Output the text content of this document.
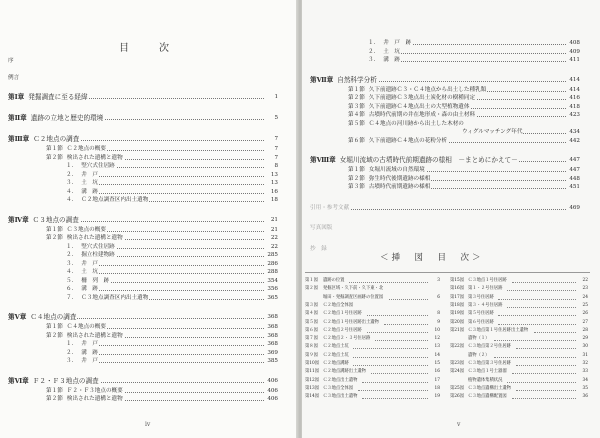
目　次
序
例言
第Ⅰ章 発掘調査に至る経緯	1
第Ⅱ章 遺跡の立地と歴史的環境	5
第Ⅲ章 Ｃ２地点の調査	7
第１節 Ｃ２地点の概要	7
第２節 検出された遺構と遺物	7
１． 竪穴式住居跡	8
２． 井　戸	13
３． 土　坑	13
４． 溝　跡	16
４． Ｃ２地点調査区内出土遺物	18
第Ⅳ章 Ｃ３地点の調査	21
第１節 Ｃ３地点の概要	21
第２節 検出された遺構と遺物	22
１． 竪穴式住居跡	22
２． 掘立柱建物跡	285
３． 井　戸	286
４． 土　坑	288
５． 柵　列　跡	354
６． 溝　跡	356
７． Ｃ３地点調査区内出土遺物	365
第Ⅴ章 Ｃ４地点の調査	368
第１節 Ｃ４地点の概要	368
第２節 検出された遺構と遺物	368
１． 井　戸	368
２． 溝　跡	369
３． 井　戸	385
第Ⅵ章 Ｆ２・Ｆ３地点の調査	406
第１節 Ｆ２・Ｆ３地点の概要	406
第２節 検出された遺構と遺物	406
iv
１． 井　戸　跡	408
２． 土　坑	409
３． 溝　跡	411
第Ⅶ章 自然科学分析	414
第１節 久下前遺跡Ｃ３・Ｃ４地点から出土した種乳類	414
第２節 久下前遺跡Ｃ３地点出土炭化材の樹種同定	416
第３節 久下前遺跡Ｃ４地点出土の大型植物遺体	418
第４節 古墳時代前期の井在地形成・森の由土材料	423
第５節 Ｃ４地点の河川跡から出土した木材の
ウィグルマッチング年代	434
第６節 久下前遺跡Ｃ４地点の花粉分析	442
第Ⅷ章 女堀川流域の古墳時代前期遺跡の様相　－まとめにかえて－	447
第１節 女堀川流域の自然環境	447
第２節 弥生時代後期遺跡の様相	448
第３節 古墳時代前期遺跡の様相	451
引用・参考文献	469
写真図版
抄　録
v
＜挿　図　目　次＞
第１図 遺跡の位置	3
第２図 発掘区域・久下前・久下東・北
堀田・発掘調査区画跡の位置図	6
第３図 Ｃ２地点全体図
第４図 Ｃ２地点１号住居跡	8
第５図 Ｃ２地点１号住居跡出土遺物	9
第６図 Ｃ２地点２号住居跡	10
第７図 Ｃ２地点２・３号住居跡	12
第８図 Ｃ２地点土坑	13
第９図 Ｃ２地点土坑	14
第10図 Ｃ２地点溝跡	15
第11図 Ｃ２地点溝跡出土遺物	16
第12図 Ｃ２地点出土遺物	17
第13図 Ｃ３地点全体図	18
第14図 Ｃ３地点出土遺物	19
第15図 Ｃ３地点１号住居跡	22
第16図 第１・２号住居跡	23
第17図 第３号住居跡	24
第18図 第３・４号住居跡	25
第19図 第５号住居跡	26
第20図 第６号住居跡	27
第21図 Ｃ３地点第１号住居跡出土遺物	28
遺物（１）	29
第22図 Ｃ３地点第２号住居跡	30
遺物（２）	31
第23図 Ｃ３地点第３号住居跡	32
第24図 Ｃ３地点１号土器溜	33
植物遺体集積状況	34
第25図 Ｃ３地点遺構出土遺物	35
第26図 Ｃ３地点遺構配置図	36
